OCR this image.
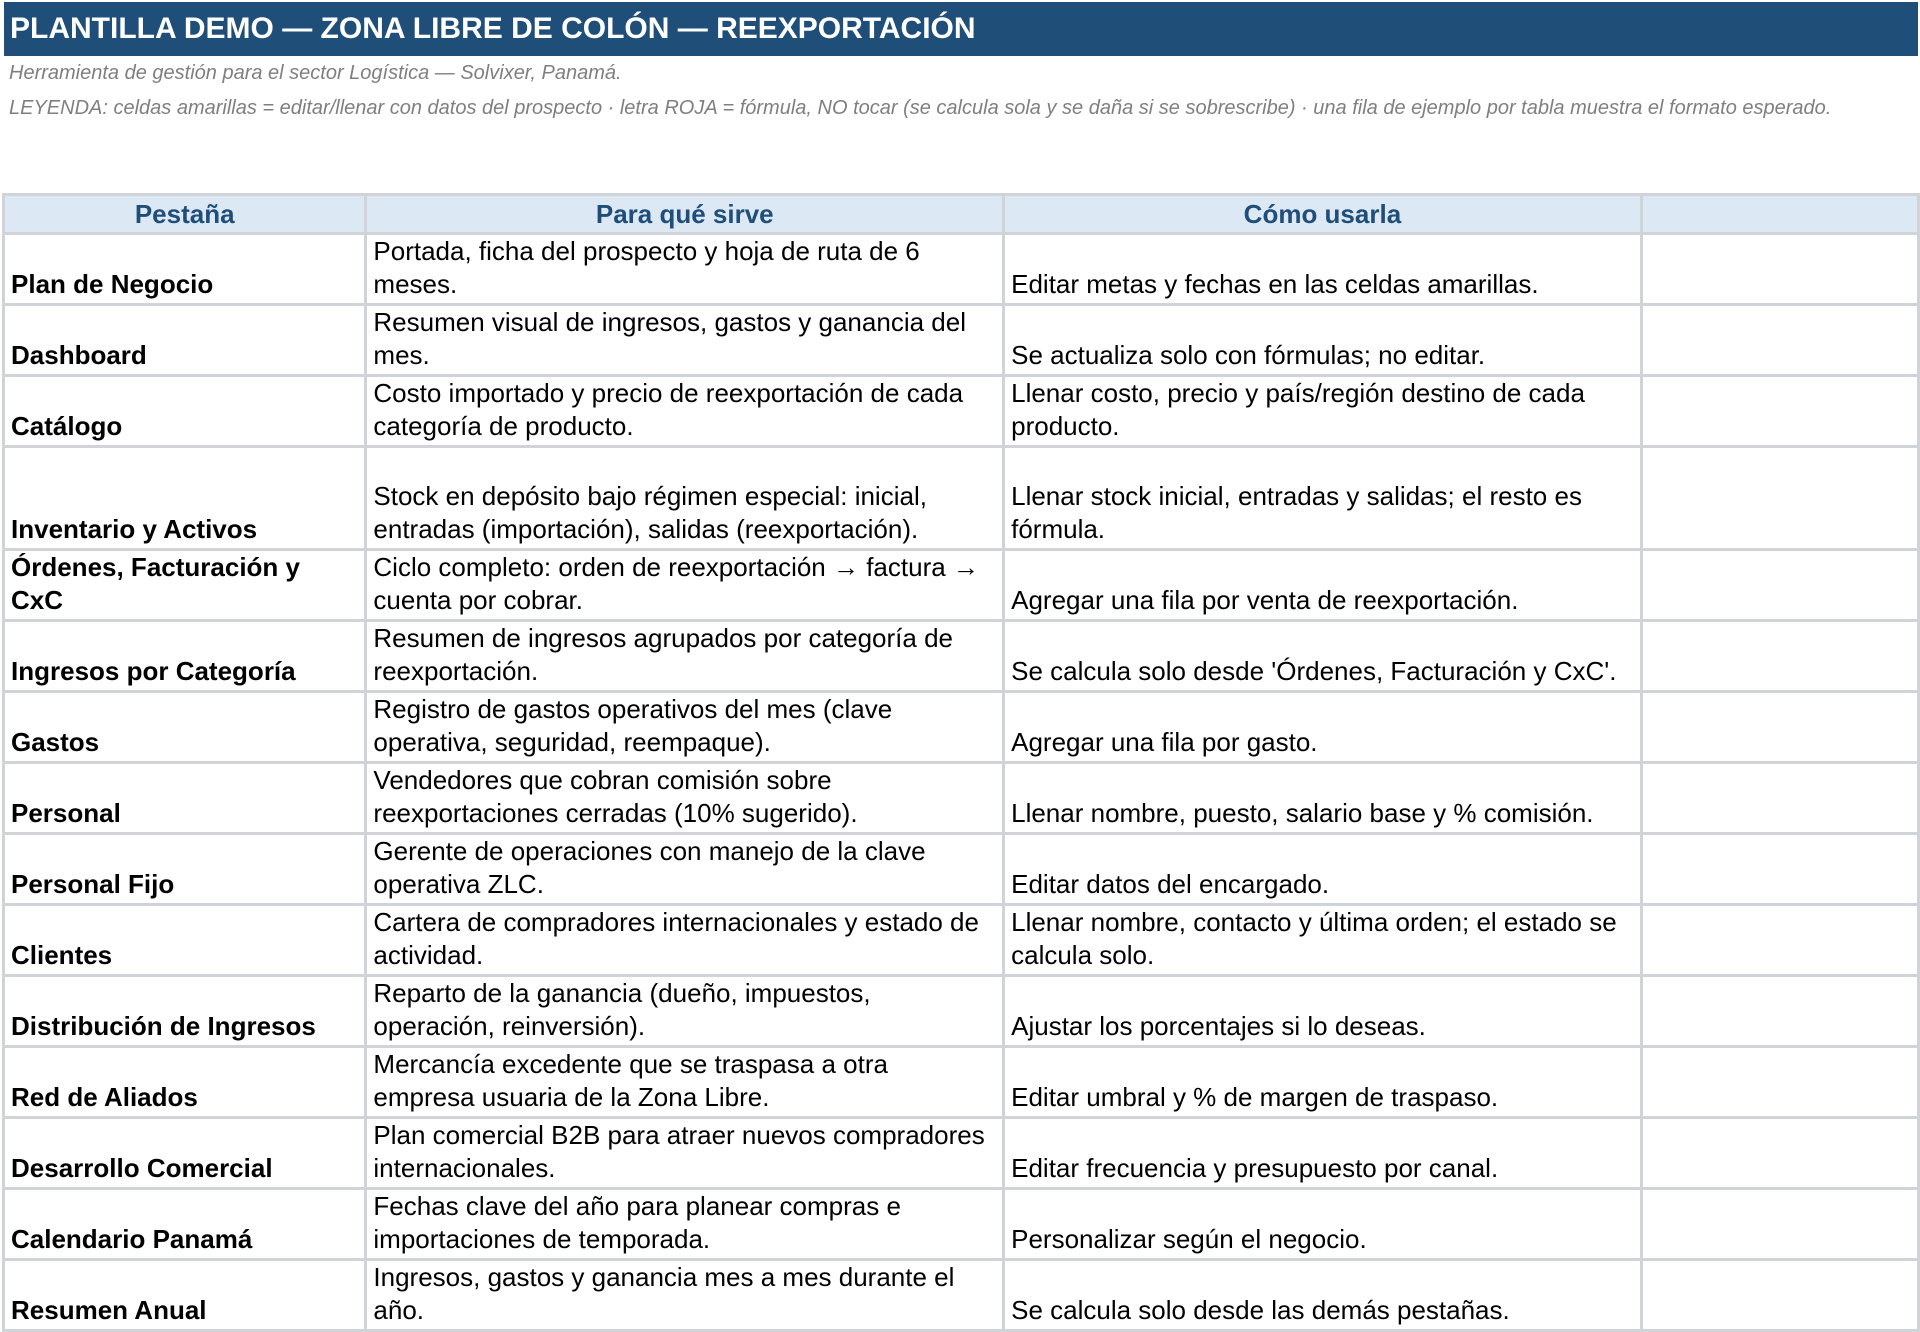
PLANTILLA DEMO — ZONA LIBRE DE COLÓN — REEXPORTACIÓN
Herramienta de gestión para el sector Logística — Solvixer, Panamá.
LEYENDA: celdas amarillas = editar/llenar con datos del prospecto · letra ROJA = fórmula, NO tocar (se calcula sola y se daña si se sobrescribe) · una fila de ejemplo por tabla muestra el formato esperado.
Pestaña	Para qué sirve	Cómo usarla	
Plan de Negocio	Portada, ficha del prospecto y hoja de ruta de 6 meses.	Editar metas y fechas en las celdas amarillas.	
Dashboard	Resumen visual de ingresos, gastos y ganancia del mes.	Se actualiza solo con fórmulas; no editar.	
Catálogo	Costo importado y precio de reexportación de cada categoría de producto.	Llenar costo, precio y país/región destino de cada producto.	
Inventario y Activos	Stock en depósito bajo régimen especial: inicial, entradas (importación), salidas (reexportación).	Llenar stock inicial, entradas y salidas; el resto es fórmula.	
Órdenes, Facturación y CxC	Ciclo completo: orden de reexportación → factura → cuenta por cobrar.	Agregar una fila por venta de reexportación.	
Ingresos por Categoría	Resumen de ingresos agrupados por categoría de reexportación.	Se calcula solo desde 'Órdenes, Facturación y CxC'.	
Gastos	Registro de gastos operativos del mes (clave operativa, seguridad, reempaque).	Agregar una fila por gasto.	
Personal	Vendedores que cobran comisión sobre reexportaciones cerradas (10% sugerido).	Llenar nombre, puesto, salario base y % comisión.	
Personal Fijo	Gerente de operaciones con manejo de la clave operativa ZLC.	Editar datos del encargado.	
Clientes	Cartera de compradores internacionales y estado de actividad.	Llenar nombre, contacto y última orden; el estado se calcula solo.	
Distribución de Ingresos	Reparto de la ganancia (dueño, impuestos, operación, reinversión).	Ajustar los porcentajes si lo deseas.	
Red de Aliados	Mercancía excedente que se traspasa a otra empresa usuaria de la Zona Libre.	Editar umbral y % de margen de traspaso.	
Desarrollo Comercial	Plan comercial B2B para atraer nuevos compradores internacionales.	Editar frecuencia y presupuesto por canal.	
Calendario Panamá	Fechas clave del año para planear compras e importaciones de temporada.	Personalizar según el negocio.	
Resumen Anual	Ingresos, gastos y ganancia mes a mes durante el año.	Se calcula solo desde las demás pestañas.	
